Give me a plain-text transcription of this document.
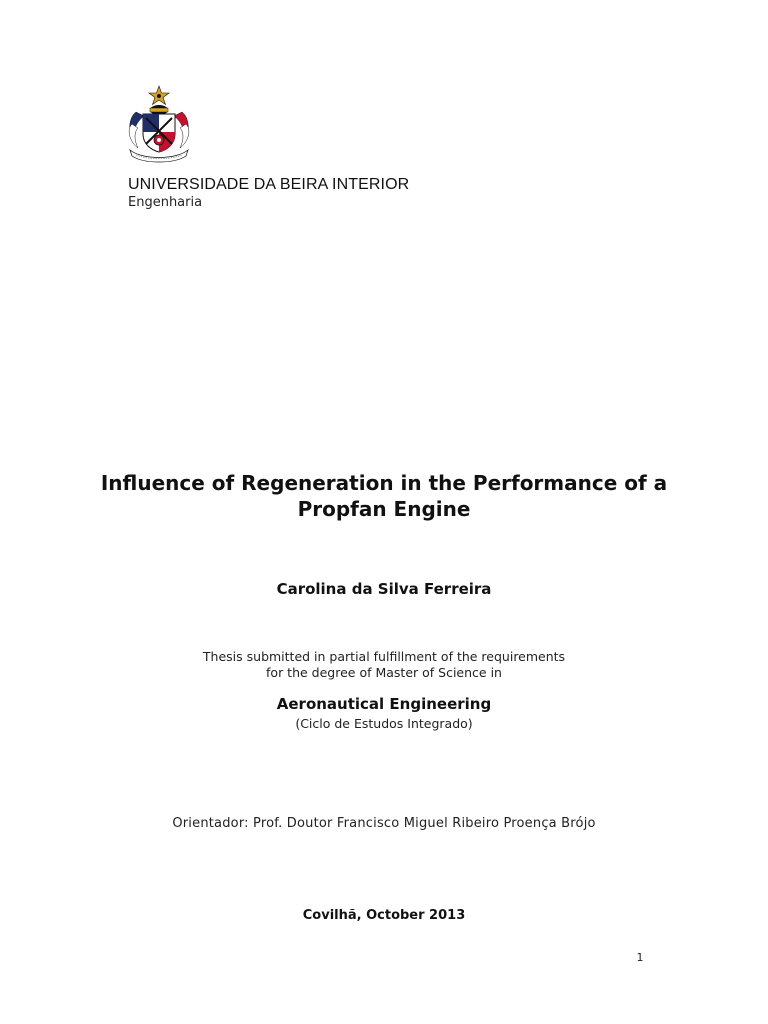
UNIVERSIDADE DA BEIRA INTERIOR
Engenharia
Influence of Regeneration in the Performance of a
Propfan Engine
Carolina da Silva Ferreira
Thesis submitted in partial fulfillment of the requirements
for the degree of Master of Science in
Aeronautical Engineering
(Ciclo de Estudos Integrado)
Orientador: Prof. Doutor Francisco Miguel Ribeiro Proença Brójo
Covilhã, October 2013
1
